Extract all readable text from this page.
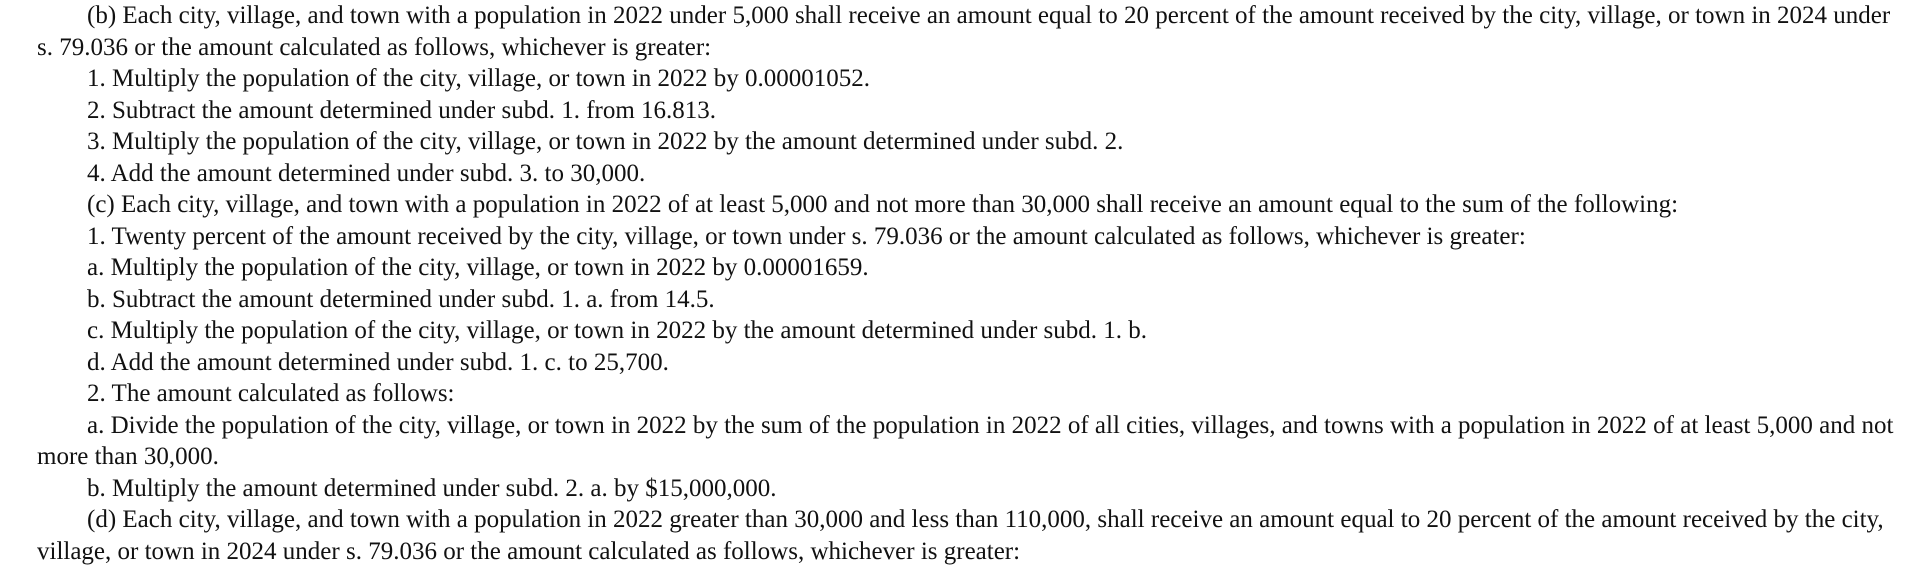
(b) Each city, village, and town with a population in 2022 under 5,000 shall receive an amount equal to 20 percent of the amount received by the city, village, or town in 2024 under s. 79.036 or the amount calculated as follows, whichever is greater:

1. Multiply the population of the city, village, or town in 2022 by 0.00001052.

2. Subtract the amount determined under subd. 1. from 16.813.

3. Multiply the population of the city, village, or town in 2022 by the amount determined under subd. 2.

4. Add the amount determined under subd. 3. to 30,000.

(c) Each city, village, and town with a population in 2022 of at least 5,000 and not more than 30,000 shall receive an amount equal to the sum of the following:

1. Twenty percent of the amount received by the city, village, or town under s. 79.036 or the amount calculated as follows, whichever is greater:

a. Multiply the population of the city, village, or town in 2022 by 0.00001659.

b. Subtract the amount determined under subd. 1. a. from 14.5.

c. Multiply the population of the city, village, or town in 2022 by the amount determined under subd. 1. b.

d. Add the amount determined under subd. 1. c. to 25,700.

2. The amount calculated as follows:

a. Divide the population of the city, village, or town in 2022 by the sum of the population in 2022 of all cities, villages, and towns with a population in 2022 of at least 5,000 and not more than 30,000.

b. Multiply the amount determined under subd. 2. a. by $15,000,000.

(d) Each city, village, and town with a population in 2022 greater than 30,000 and less than 110,000, shall receive an amount equal to 20 percent of the amount received by the city, village, or town in 2024 under s. 79.036 or the amount calculated as follows, whichever is greater:
